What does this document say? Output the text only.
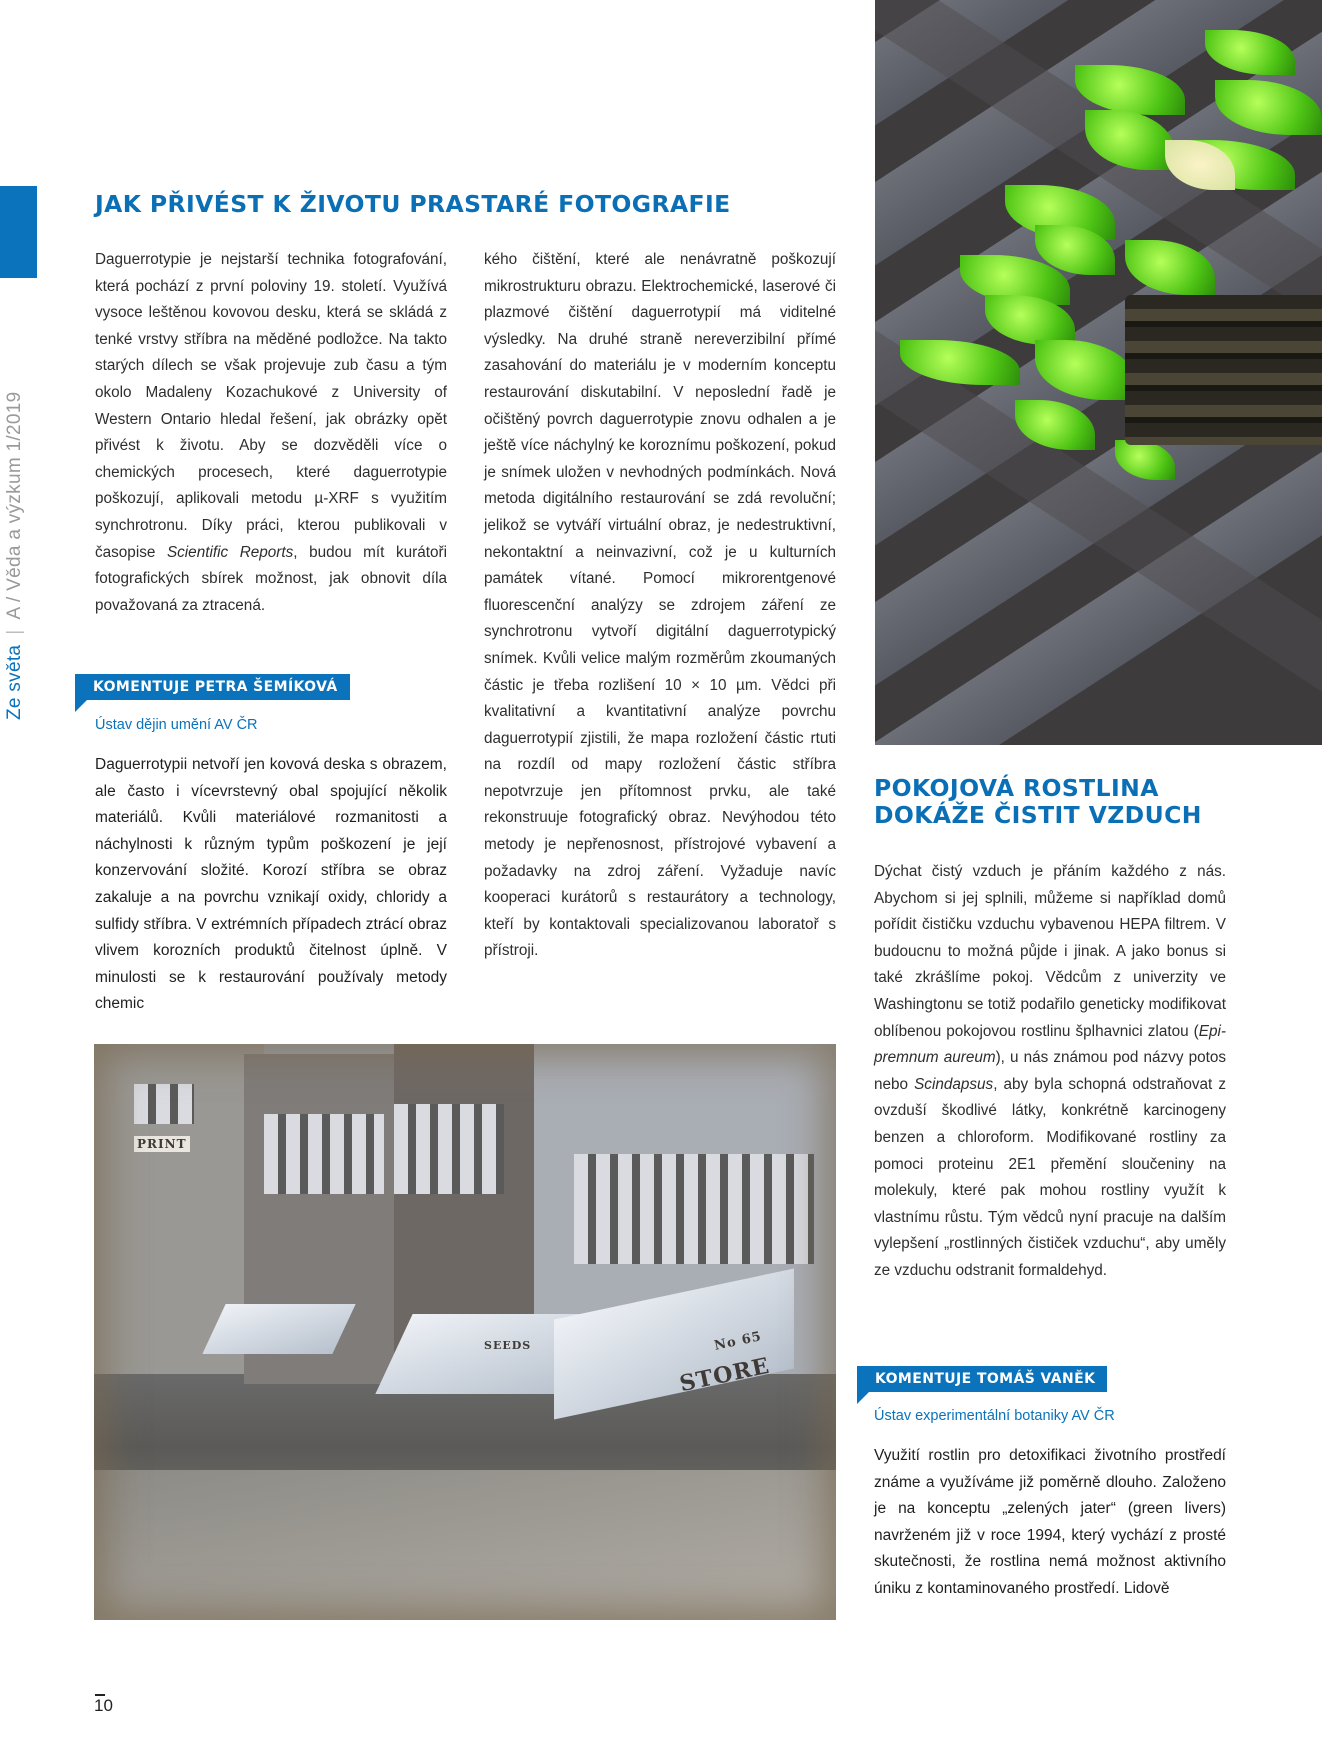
Ze světa|A / Věda a výzkum 1/2019
JAK PŘIVÉST K ŽIVOTU PRASTARÉ FOTOGRAFIE

Daguerrotypie je nejstarší technika fotografování, která pochází z první poloviny 19. století. Využívá vysoce leštěnou kovovou desku, která se skládá z tenké vrstvy stříbra na měděné podložce. Na takto starých dílech se však projevuje zub času a tým okolo Madaleny Kozachukové z University of Western Ontario hledal řešení, jak obrázky opět přivést k životu. Aby se dozvěděli více o chemických procesech, které daguerrotypie poškozují, aplikovali metodu µ-XRF s využitím synchrotronu. Díky práci, kterou publikovali v časopise Scientific Reports, budou mít kurátoři fotografických sbírek možnost, jak obnovit díla považovaná za ztracená.

KOMENTUJE PETRA ŠEMÍKOVÁ
Ústav dějin umění AV ČR

Daguerrotypii netvoří jen kovová deska s obrazem, ale často i vícevrstevný obal spojující několik materiálů. Kvůli materiálové rozmanitosti a náchylnosti k různým typům poškození je její konzervování složité. Korozí stříbra se obraz zakaluje a na povrchu vznikají oxidy, chloridy a sulfidy stříbra. V extrémních případech ztrácí obraz vlivem korozních produktů čitelnost úplně. V minulosti se k restaurování používaly metody chemic

kého čištění, které ale nenávratně poškozují mikrostrukturu obrazu. Elektrochemické, laserové či plazmové čištění daguerrotypií má viditelné výsledky. Na druhé straně nereverzibilní přímé zasahování do materiálu je v moderním konceptu restaurování diskutabilní. V neposlední řadě je očištěný povrch daguerrotypie znovu odhalen a je ještě více náchylný ke koroznímu poškození, pokud je snímek uložen v nevhodných podmínkách. Nová metoda digitálního restaurování se zdá revoluční; jelikož se vytváří virtuální obraz, je nedestruktivní, nekontaktní a neinvazivní, což je u kulturních památek vítané. Pomocí mikrorentgenové fluorescenční analýzy se zdrojem záření ze synchrotronu vytvoří digitální daguerrotypický snímek. Kvůli velice malým rozměrům zkoumaných částic je třeba rozlišení 10 × 10 µm. Vědci při kvalitativní a kvantitativní analýze povrchu daguerrotypií zjistili, že mapa rozložení částic rtuti na rozdíl od mapy rozložení částic stříbra nepotvrzuje jen přítomnost prvku, ale také rekonstruuje fotografický obraz. Nevýhodou této metody je nepřenosnost, přístrojové vybavení a požadavky na zdroj záření. Vyžaduje navíc kooperaci kurátorů s restaurátory a technology, kteří by kontaktovali specializovanou laboratoř s přístroji.

PRINT
SEEDS	No 65
STORE
POKOJOVÁ ROSTLINA
DOKÁŽE ČISTIT VZDUCH

Dýchat čistý vzduch je přáním každého z nás. Abychom si jej splnili, můžeme si například domů pořídit čističku vzduchu vybavenou HEPA filtrem. V budoucnu to možná půjde i jinak. A jako bonus si také zkrášlíme pokoj. Vědcům z univerzity ve Washingtonu se totiž podařilo geneticky modifikovat oblíbenou pokojovou rostlinu šplhavnici zlatou (Epipremnum aureum), u nás známou pod názvy potos nebo Scindapsus, aby byla schopná odstraňovat z ovzduší škodlivé látky, konkrétně karcinogeny benzen a chloroform. Modifikované rostliny za pomoci proteinu 2E1 přemění sloučeniny na molekuly, které pak mohou rostliny využít k vlastnímu růstu. Tým vědců nyní pracuje na dalším vylepšení „rostlinných čističek vzduchu“, aby uměly ze vzduchu odstranit formaldehyd.

KOMENTUJE TOMÁŠ VANĚK
Ústav experimentální botaniky AV ČR

Využití rostlin pro detoxifikaci životního prostředí známe a využíváme již poměrně dlouho. Založeno je na konceptu „zelených jater“ (green livers) navrženém již v roce 1994, který vychází z prosté skutečnosti, že rostlina nemá možnost aktivního úniku z kontaminovaného prostředí. Lidově

10
